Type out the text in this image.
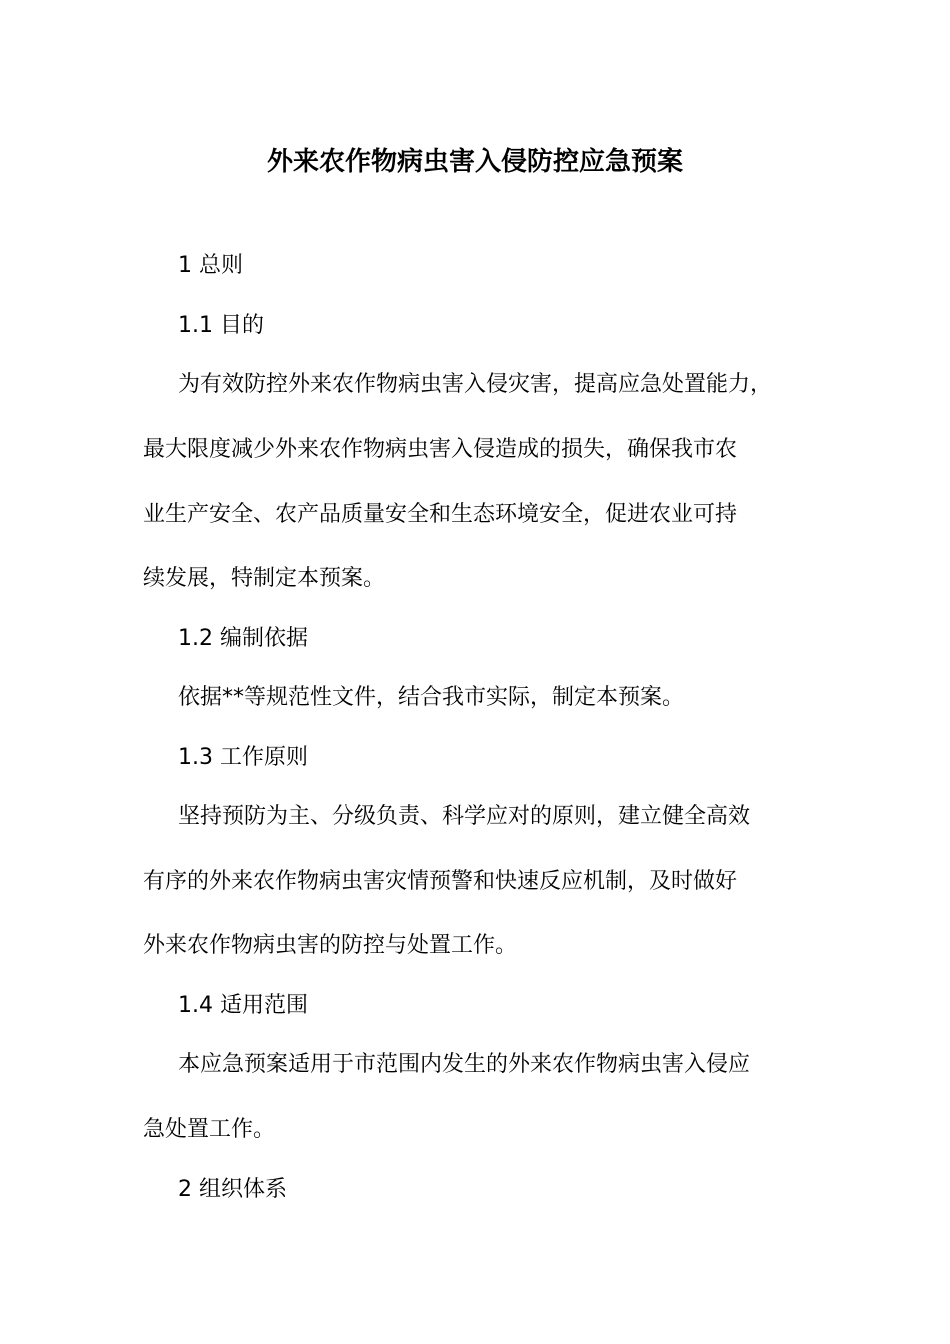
外来农作物病虫害入侵防控应急预案
1 总则
1.1 目的
为有效防控外来农作物病虫害入侵灾害，提高应急处置能力，
最大限度减少外来农作物病虫害入侵造成的损失，确保我市农
业生产安全、农产品质量安全和生态环境安全，促进农业可持
续发展，特制定本预案。
1.2 编制依据
依据**等规范性文件，结合我市实际，制定本预案。
1.3 工作原则
坚持预防为主、分级负责、科学应对的原则，建立健全高效
有序的外来农作物病虫害灾情预警和快速反应机制，及时做好
外来农作物病虫害的防控与处置工作。
1.4 适用范围
本应急预案适用于市范围内发生的外来农作物病虫害入侵应
急处置工作。
2 组织体系
